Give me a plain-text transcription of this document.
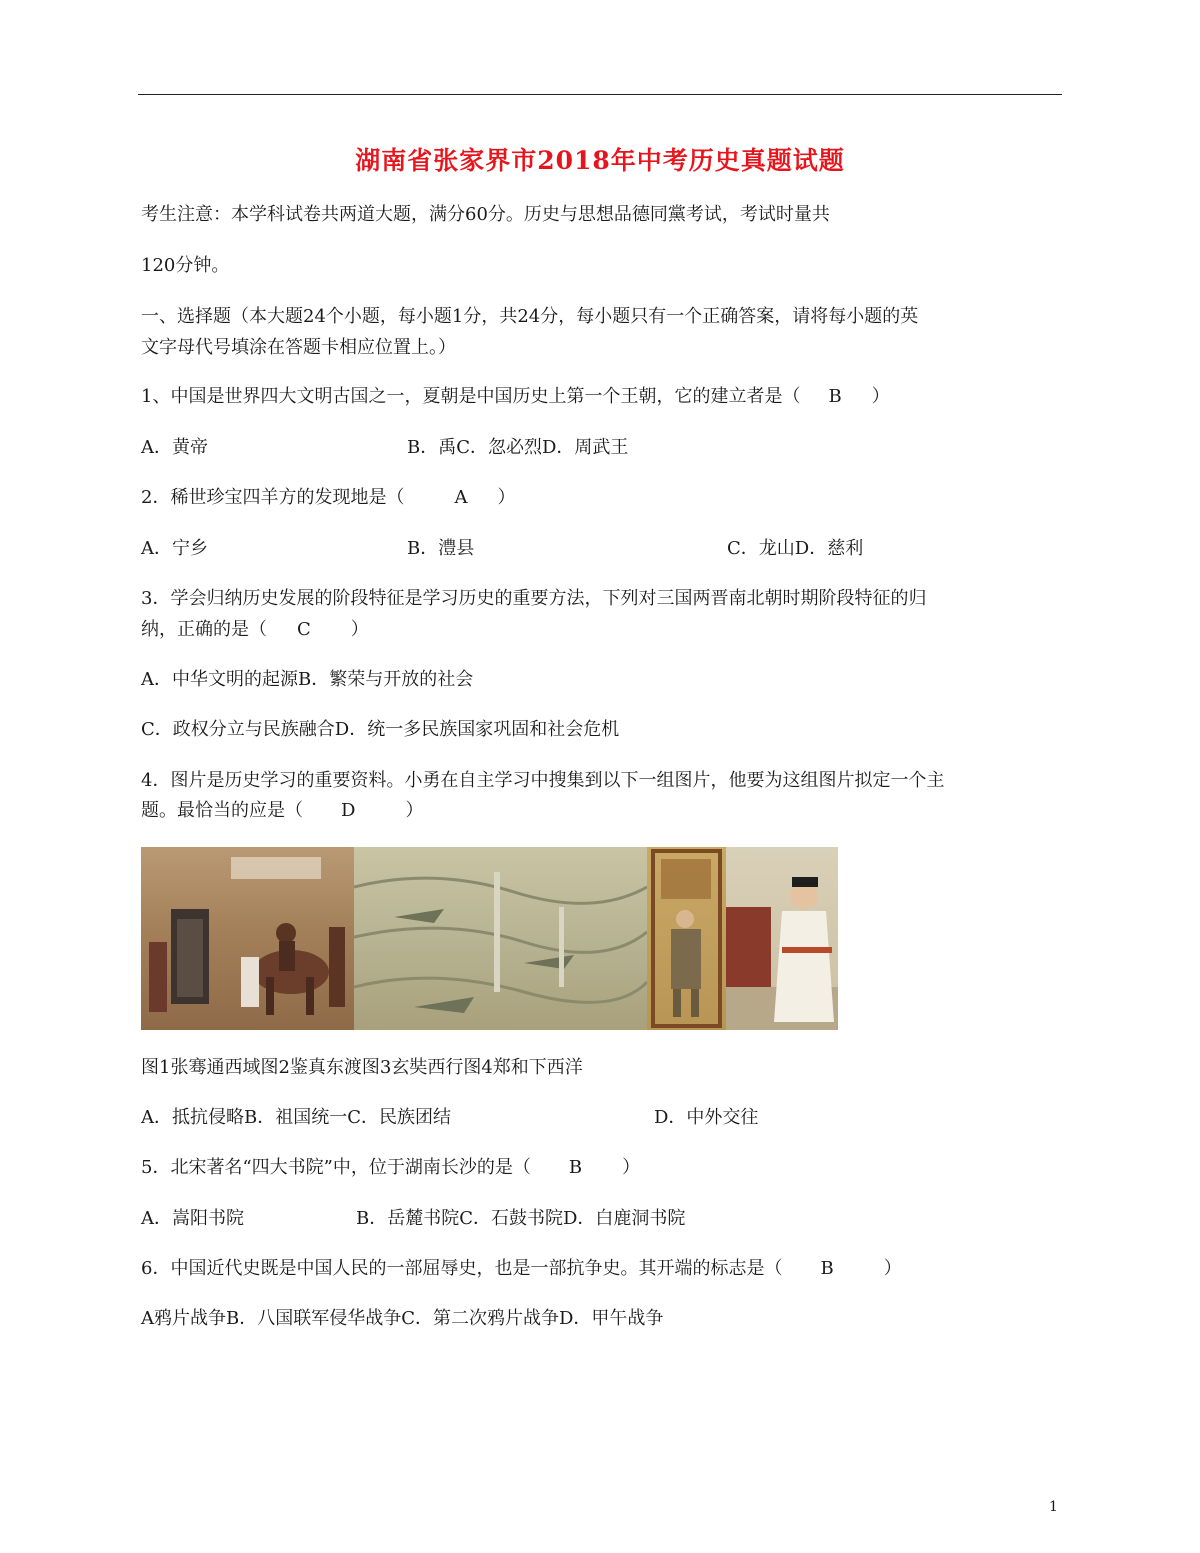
湖南省张家界市2018年中考历史真题试题
考生注意：本学科试卷共两道大题，满分60分。历史与思想品德同黨考试，考试时量共
120分钟。
一、选择题（本大题24个小题，每小题1分，共24分，每小题只有一个正确答案，请将每小题的英
文字母代号填涂在答题卡相应位置上。）
1、中国是世界四大文明古国之一，夏朝是中国历史上第一个王朝，它的建立者是（ B ）
A．黄帝	B．禹C．忽必烈D．周武王
2．稀世珍宝四羊方的发现地是（	A ）
A．宁乡	B．澧县	C．龙山D．慈利
3．学会归纳历史发展的阶段特征是学习历史的重要方法，下列对三国两晋南北朝时期阶段特征的归
纳，正确的是（ C ）
A．中华文明的起源B．繁荣与开放的社会
C．政权分立与民族融合D．统一多民族国家巩固和社会危机
4．图片是历史学习的重要资料。小勇在自主学习中搜集到以下一组图片，他要为这组图片拟定一个主
题。最恰当的应是（ D	）
图1张骞通西域图2鉴真东渡图3玄奘西行图4郑和下西洋
A．抵抗侵略B．祖国统一C．民族团结	D．中外交往
5．北宋著名“四大书院”中，位于湖南长沙的是（ B ）
A．嵩阳书院	B．岳麓书院C．石鼓书院D．白鹿洞书院
6．中国近代史既是中国人民的一部屈辱史，也是一部抗争史。其开端的标志是（ B	）
A鸦片战争B．八国联军侵华战争C．第二次鸦片战争D．甲午战争
1
